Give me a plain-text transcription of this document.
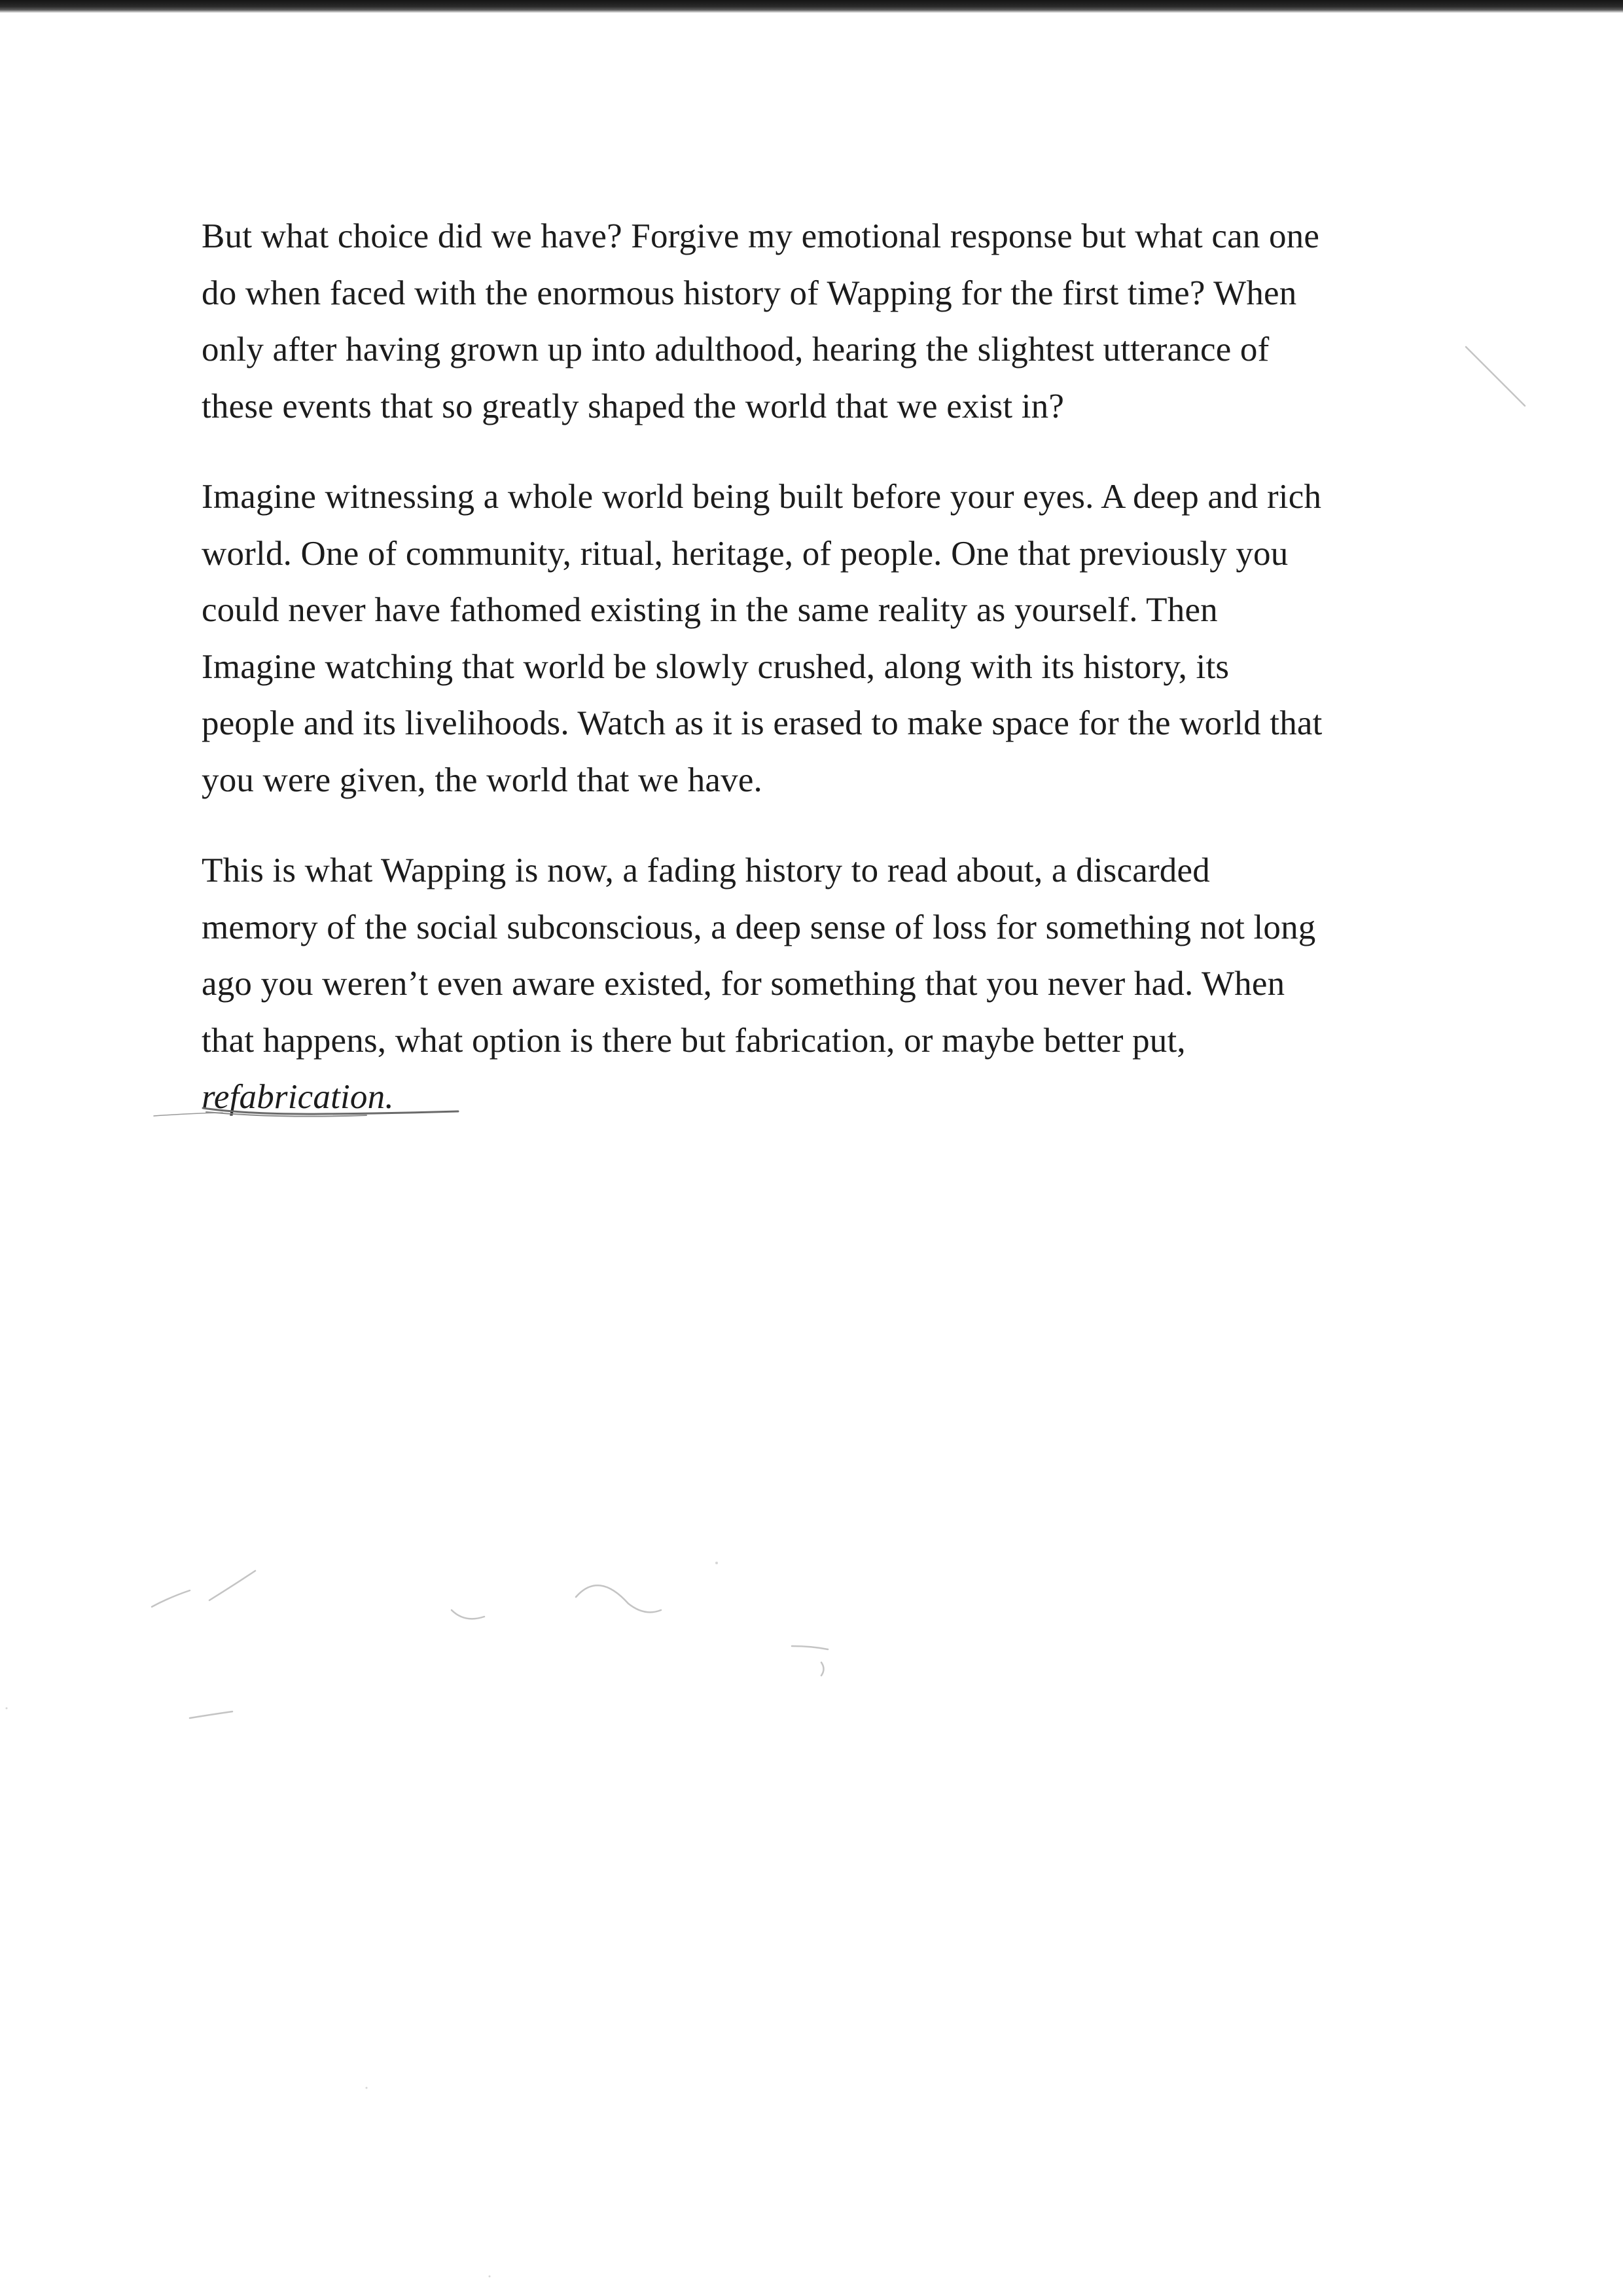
But what choice did we have? Forgive my emotional response but what can one
do when faced with the enormous history of Wapping for the first time? When
only after having grown up into adulthood, hearing the slightest utterance of
these events that so greatly shaped the world that we exist in?

Imagine witnessing a whole world being built before your eyes. A deep and rich
world. One of community, ritual, heritage, of people. One that previously you
could never have fathomed existing in the same reality as yourself. Then
Imagine watching that world be slowly crushed, along with its history, its
people and its livelihoods. Watch as it is erased to make space for the world that
you were given, the world that we have.

This is what Wapping is now, a fading history to read about, a discarded
memory of the social subconscious, a deep sense of loss for something not long
ago you weren’t even aware existed, for something that you never had. When
that happens, what option is there but fabrication, or maybe better put,
refabrication.
